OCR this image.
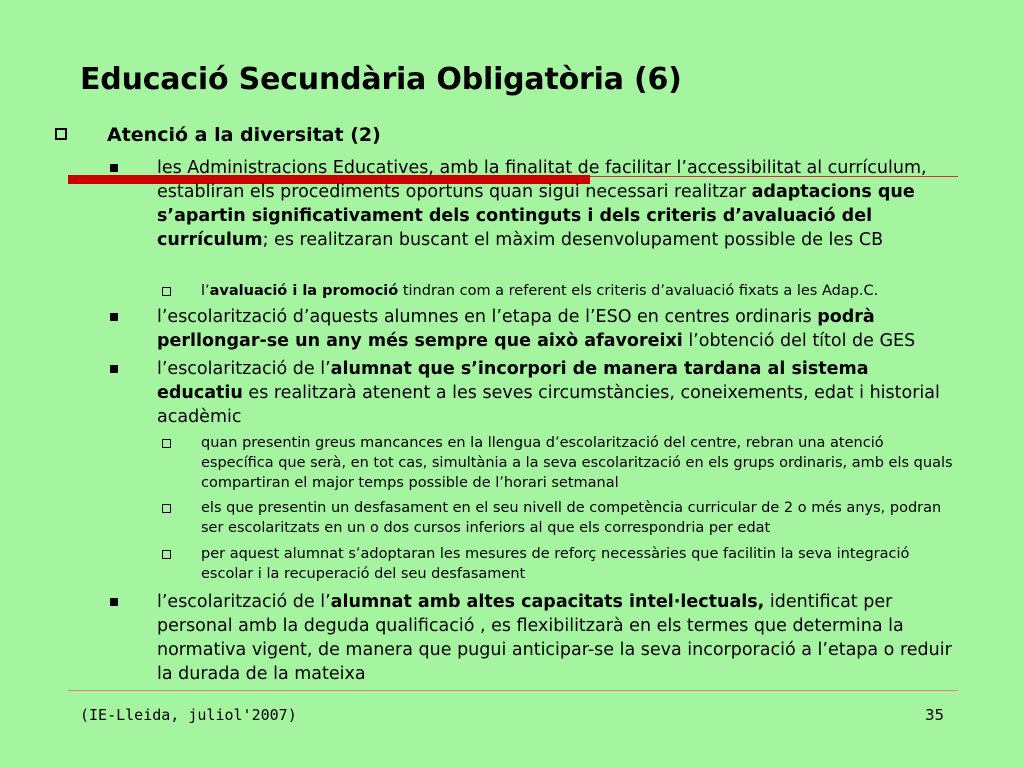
Educació Secundària Obligatòria (6)
Atenció a la diversitat (2)
les Administracions Educatives, amb la finalitat de facilitar l’accessibilitat al currículum, establiran els procediments oportuns quan sigui necessari realitzar adaptacions que s’apartin significativament dels continguts i dels criteris d’avaluació del currículum; es realitzaran buscant el màxim desenvolupament possible de les CB
l’avaluació i la promoció tindran com a referent els criteris d’avaluació fixats a les Adap.C.
l’escolarització d’aquests alumnes en l’etapa de l’ESO en centres ordinaris podrà perllongar-se un any més sempre que això afavoreixi l’obtenció del títol de GES
l’escolarització de l’alumnat que s’incorpori de manera tardana al sistema educatiu es realitzarà atenent a les seves circumstàncies, coneixements, edat i historial acadèmic
quan presentin greus mancances en la llengua d’escolarització del centre, rebran una atenció específica que serà, en tot cas, simultània a la seva escolarització en els grups ordinaris, amb els quals compartiran el major temps possible de l’horari setmanal
els que presentin un desfasament en el seu nivell de competència curricular de 2 o més anys, podran ser escolaritzats en un o dos cursos inferiors al que els correspondria per edat
per aquest alumnat s’adoptaran les mesures de reforç necessàries que facilitin la seva integració escolar i la recuperació del seu desfasament
l’escolarització de l’alumnat amb altes capacitats intel·lectuals, identificat per personal amb la deguda qualificació , es flexibilitzarà en els termes que determina la normativa vigent, de manera que pugui anticipar-se la seva incorporació a l’etapa o reduir la durada de la mateixa
(IE-Lleida, juliol'2007)	35
